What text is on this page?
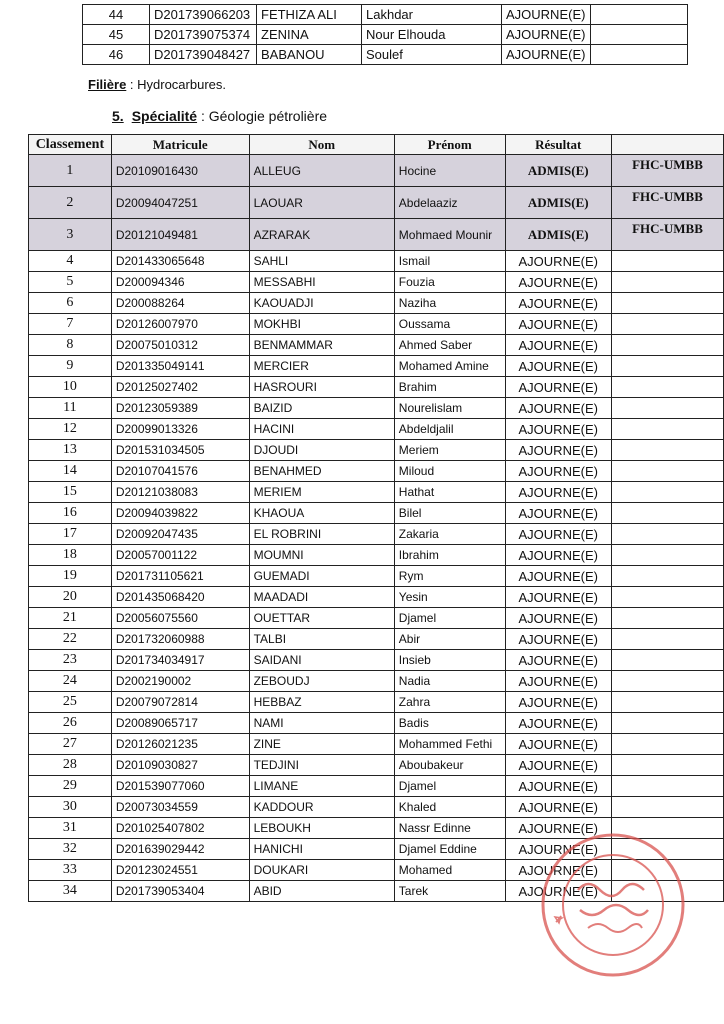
44	D201739066203	FETHIZA ALI	Lakhdar	AJOURNE(E)	
45	D201739075374	ZENINA	Nour Elhouda	AJOURNE(E)	
46	D201739048427	BABANOU	Soulef	AJOURNE(E)	
Filière : Hydrocarbures.
5. Spécialité : Géologie pétrolière
Classement	Matricule	Nom	Prénom	Résultat	
1	D20109016430	ALLEUG	Hocine	ADMIS(E)	FHC-UMBB
2	D20094047251	LAOUAR	Abdelaaziz	ADMIS(E)	FHC-UMBB
3	D20121049481	AZRARAK	Mohmaed Mounir	ADMIS(E)	FHC-UMBB
4	D201433065648	SAHLI	Ismail	AJOURNE(E)	
5	D200094346	MESSABHI	Fouzia	AJOURNE(E)	
6	D200088264	KAOUADJI	Naziha	AJOURNE(E)	
7	D20126007970	MOKHBI	Oussama	AJOURNE(E)	
8	D20075010312	BENMAMMAR	Ahmed Saber	AJOURNE(E)	
9	D201335049141	MERCIER	Mohamed Amine	AJOURNE(E)	
10	D20125027402	HASROURI	Brahim	AJOURNE(E)	
11	D20123059389	BAIZID	Nourelislam	AJOURNE(E)	
12	D20099013326	HACINI	Abdeldjalil	AJOURNE(E)	
13	D201531034505	DJOUDI	Meriem	AJOURNE(E)	
14	D20107041576	BENAHMED	Miloud	AJOURNE(E)	
15	D20121038083	MERIEM	Hathat	AJOURNE(E)	
16	D20094039822	KHAOUA	Bilel	AJOURNE(E)	
17	D20092047435	EL ROBRINI	Zakaria	AJOURNE(E)	
18	D20057001122	MOUMNI	Ibrahim	AJOURNE(E)	
19	D201731105621	GUEMADI	Rym	AJOURNE(E)	
20	D201435068420	MAADADI	Yesin	AJOURNE(E)	
21	D20056075560	OUETTAR	Djamel	AJOURNE(E)	
22	D201732060988	TALBI	Abir	AJOURNE(E)	
23	D201734034917	SAIDANI	Insieb	AJOURNE(E)	
24	D2002190002	ZEBOUDJ	Nadia	AJOURNE(E)	
25	D20079072814	HEBBAZ	Zahra	AJOURNE(E)	
26	D20089065717	NAMI	Badis	AJOURNE(E)	
27	D20126021235	ZINE	Mohammed Fethi	AJOURNE(E)	
28	D20109030827	TEDJINI	Aboubakeur	AJOURNE(E)	
29	D201539077060	LIMANE	Djamel	AJOURNE(E)	
30	D20073034559	KADDOUR	Khaled	AJOURNE(E)	
31	D201025407802	LEBOUKH	Nassr Edinne	AJOURNE(E)	
32	D201639029442	HANICHI	Djamel Eddine	AJOURNE(E)	
33	D20123024551	DOUKARI	Mohamed	AJOURNE(E)	
34	D201739053404	ABID	Tarek	AJOURNE(E)	
